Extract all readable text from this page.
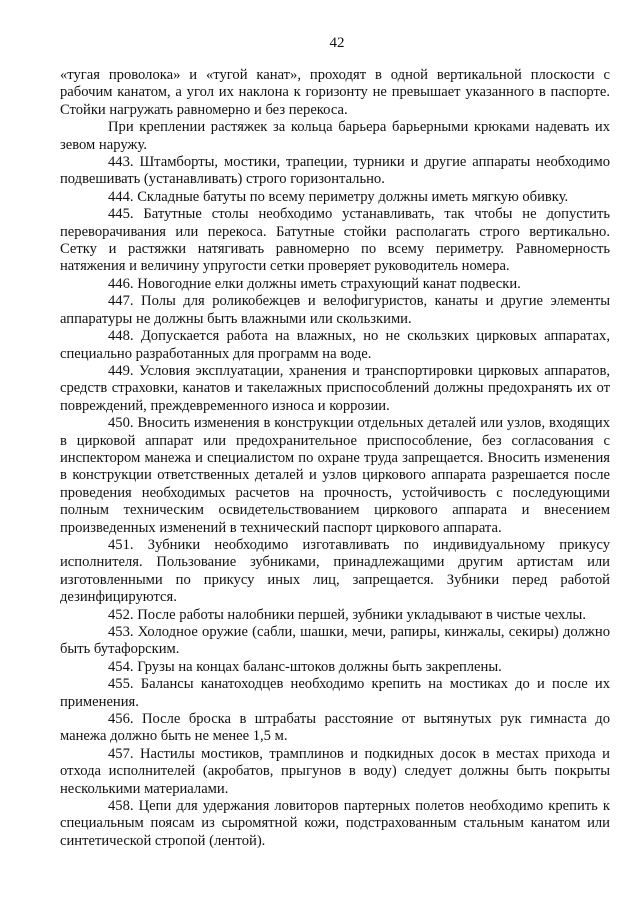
42

«тугая проволока» и «тугой канат», проходят в одной вертикальной плоскости с рабочим канатом, а угол их наклона к горизонту не превышает указанного в паспорте. Стойки нагружать равномерно и без перекоса.

При креплении растяжек за кольца барьера барьерными крюками надевать их зевом наружу.

443. Штамборты, мостики, трапеции, турники и другие аппараты необходимо подвешивать (устанавливать) строго горизонтально.

444. Складные батуты по всему периметру должны иметь мягкую обивку.

445. Батутные столы необходимо устанавливать, так чтобы не допустить переворачивания или перекоса. Батутные стойки располагать строго вертикально. Сетку и растяжки натягивать равномерно по всему периметру. Равномерность натяжения и величину упругости сетки проверяет руководитель номера.

446. Новогодние елки должны иметь страхующий канат подвески.

447. Полы для роликобежцев и велофигуристов, канаты и другие элементы аппаратуры не должны быть влажными или скользкими.

448. Допускается работа на влажных, но не скользких цирковых аппаратах, специально разработанных для программ на воде.

449. Условия эксплуатации, хранения и транспортировки цирковых аппаратов, средств страховки, канатов и такелажных приспособлений должны предохранять их от повреждений, преждевременного износа и коррозии.

450. Вносить изменения в конструкции отдельных деталей или узлов, входящих в цирковой аппарат или предохранительное приспособление, без согласования с инспектором манежа и специалистом по охране труда запрещается. Вносить изменения в конструкции ответственных деталей и узлов циркового аппарата разрешается после проведения необходимых расчетов на прочность, устойчивость с последующими полным техническим освидетельствованием циркового аппарата и внесением произведенных изменений в технический паспорт циркового аппарата.

451. Зубники необходимо изготавливать по индивидуальному прикусу исполнителя. Пользование зубниками, принадлежащими другим артистам или изготовленными по прикусу иных лиц, запрещается. Зубники перед работой дезинфицируются.

452. После работы налобники першей, зубники укладывают в чистые чехлы.

453. Холодное оружие (сабли, шашки, мечи, рапиры, кинжалы, секиры) должно быть бутафорским.

454. Грузы на концах баланс-штоков должны быть закреплены.

455. Балансы канатоходцев необходимо крепить на мостиках до и после их применения.

456. После броска в штрабаты расстояние от вытянутых рук гимнаста до манежа должно быть не менее 1,5 м.

457. Настилы мостиков, трамплинов и подкидных досок в местах прихода и отхода исполнителей (акробатов, прыгунов в воду) следует должны быть покрыты несколькими материалами.

458. Цепи для удержания ловиторов партерных полетов необходимо крепить к специальным поясам из сыромятной кожи, подстрахованным стальным канатом или синтетической стропой (лентой).
